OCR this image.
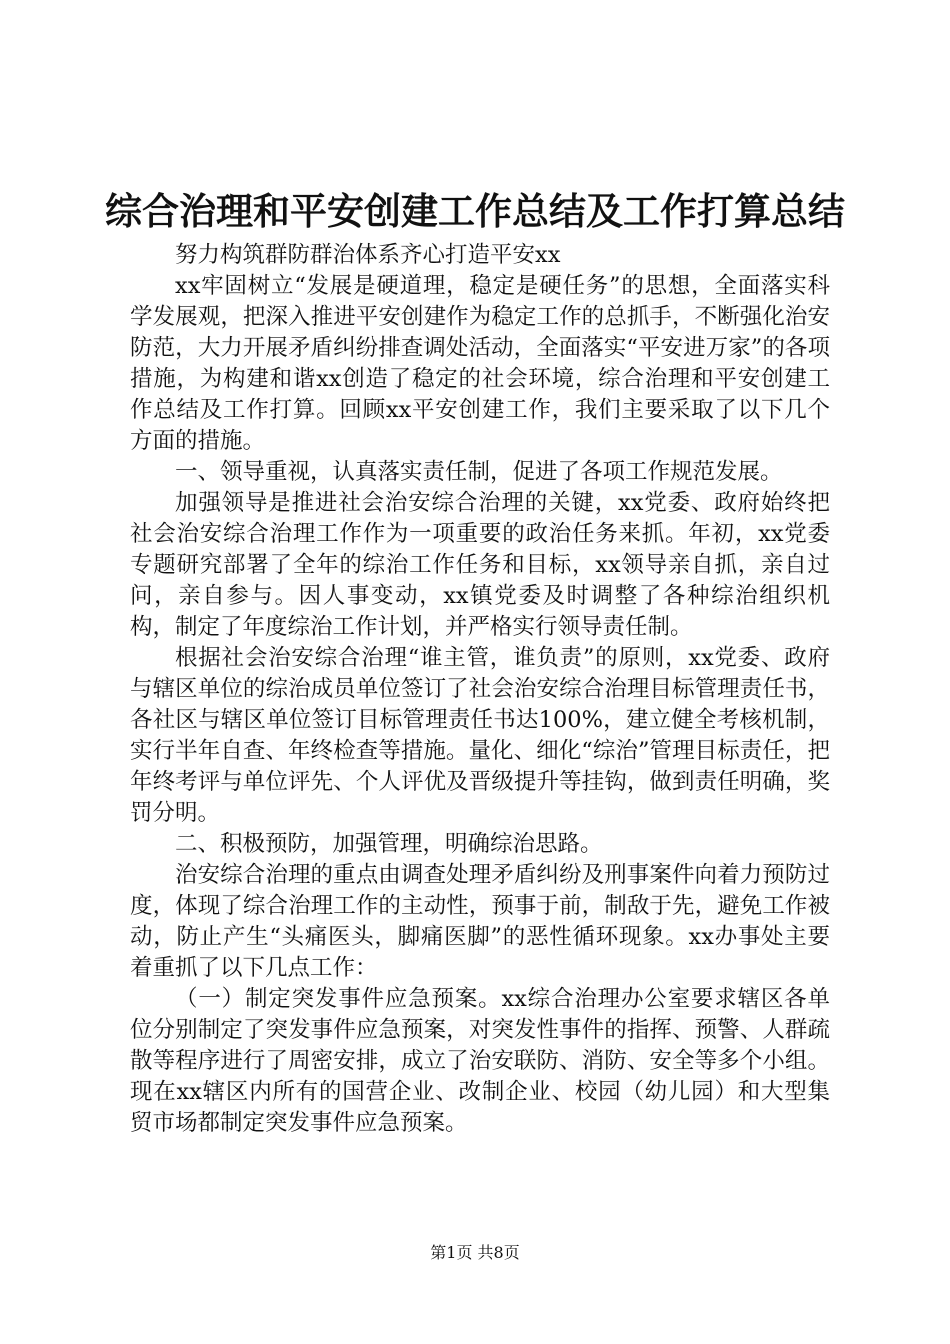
综合治理和平安创建工作总结及工作打算总结

努力构筑群防群治体系齐心打造平安xx

xx牢固树立“发展是硬道理，稳定是硬任务”的思想，全面落实科学发展观，把深入推进平安创建作为稳定工作的总抓手，不断强化治安防范，大力开展矛盾纠纷排查调处活动，全面落实“平安进万家”的各项措施，为构建和谐xx创造了稳定的社会环境，综合治理和平安创建工作总结及工作打算。回顾xx平安创建工作，我们主要采取了以下几个方面的措施。

一、领导重视，认真落实责任制，促进了各项工作规范发展。

加强领导是推进社会治安综合治理的关键，xx党委、政府始终把社会治安综合治理工作作为一项重要的政治任务来抓。年初，xx党委专题研究部署了全年的综治工作任务和目标，xx领导亲自抓，亲自过问，亲自参与。因人事变动，xx镇党委及时调整了各种综治组织机构，制定了年度综治工作计划，并严格实行领导责任制。

根据社会治安综合治理“谁主管，谁负责”的原则，xx党委、政府与辖区单位的综治成员单位签订了社会治安综合治理目标管理责任书，各社区与辖区单位签订目标管理责任书达100%，建立健全考核机制，实行半年自查、年终检查等措施。量化、细化“综治”管理目标责任，把年终考评与单位评先、个人评优及晋级提升等挂钩，做到责任明确，奖罚分明。

二、积极预防，加强管理，明确综治思路。

治安综合治理的重点由调查处理矛盾纠纷及刑事案件向着力预防过度，体现了综合治理工作的主动性，预事于前，制敌于先，避免工作被动，防止产生“头痛医头，脚痛医脚”的恶性循环现象。xx办事处主要着重抓了以下几点工作：

（一）制定突发事件应急预案。xx综合治理办公室要求辖区各单位分别制定了突发事件应急预案，对突发性事件的指挥、预警、人群疏散等程序进行了周密安排，成立了治安联防、消防、安全等多个小组。现在xx辖区内所有的国营企业、改制企业、校园（幼儿园）和大型集贸市场都制定突发事件应急预案。

第1页 共8页
